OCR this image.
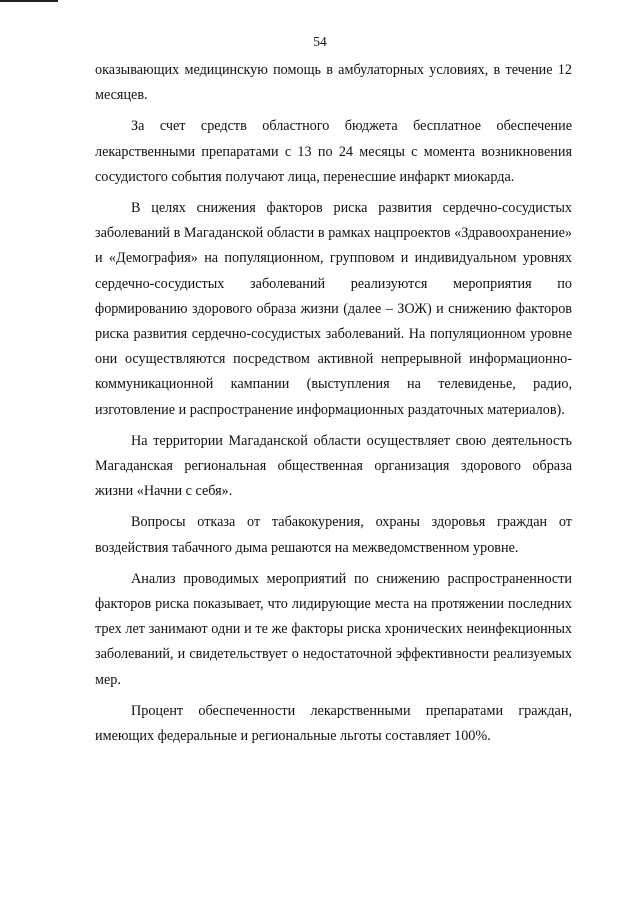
54

оказывающих медицинскую помощь в амбулаторных условиях, в течение 12 месяцев.

За счет средств областного бюджета бесплатное обеспечение лекарственными препаратами с 13 по 24 месяцы с момента возникновения сосудистого события получают лица, перенесшие инфаркт миокарда.

В целях снижения факторов риска развития сердечно-сосудистых заболеваний в Магаданской области в рамках нацпроектов «Здравоохранение» и «Демография» на популяционном, групповом и индивидуальном уровнях сердечно-сосудистых заболеваний реализуются мероприятия по формированию здорового образа жизни (далее – ЗОЖ) и снижению факторов риска развития сердечно-сосудистых заболеваний. На популяционном уровне они осуществляются посредством активной непрерывной информационно-коммуникационной кампании (выступления на телевиденье, радио, изготовление и распространение информационных раздаточных материалов).

На территории Магаданской области осуществляет свою деятельность Магаданская региональная общественная организация здорового образа жизни «Начни с себя».

Вопросы отказа от табакокурения, охраны здоровья граждан от воздействия табачного дыма решаются на межведомственном уровне.

Анализ проводимых мероприятий по снижению распространенности факторов риска показывает, что лидирующие места на протяжении последних трех лет занимают одни и те же факторы риска хронических неинфекционных заболеваний, и свидетельствует о недостаточной эффективности реализуемых мер.

Процент обеспеченности лекарственными препаратами граждан, имеющих федеральные и региональные льготы составляет 100%.
